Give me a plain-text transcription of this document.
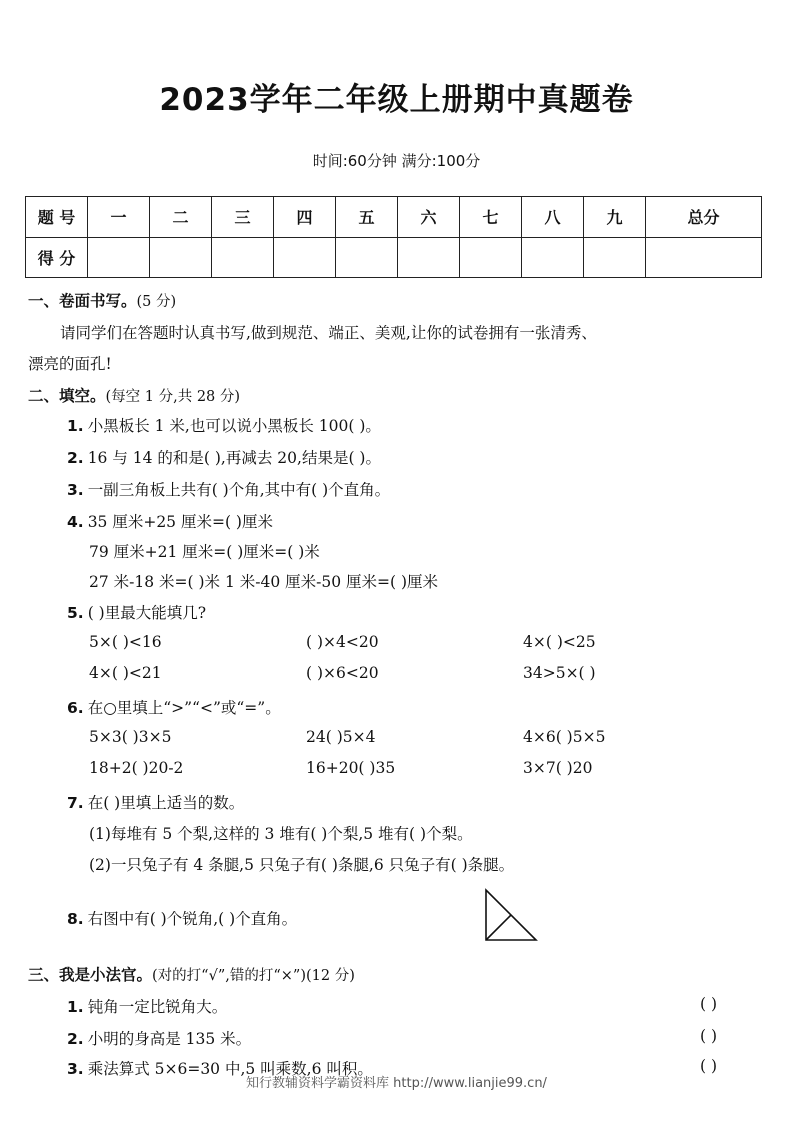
2023学年二年级上册期中真题卷
时间:60分钟 满分:100分
题 号	一	二	三	四	五	六	七	八	九	总分
得 分										
一、卷面书写。(5 分)
请同学们在答题时认真书写,做到规范、端正、美观,让你的试卷拥有一张清秀、
漂亮的面孔!
二、填空。(每空 1 分,共 28 分)
1. 小黑板长 1 米,也可以说小黑板长 100( )。
2. 16 与 14 的和是( ),再减去 20,结果是( )。
3. 一副三角板上共有( )个角,其中有( )个直角。
4. 35 厘米+25 厘米=( )厘米
79 厘米+21 厘米=( )厘米=( )米
27 米-18 米=( )米 1 米-40 厘米-50 厘米=( )厘米
5. ( )里最大能填几?
5×( )<16	( )×4<20	4×( )<25
4×( )<21	( )×6<20	34>5×( )
6. 在○里填上“>”“<”或“=”。
5×3( )3×5	24( )5×4	4×6( )5×5
18+2( )20-2	16+20( )35	3×7( )20
7. 在( )里填上适当的数。
(1)每堆有 5 个梨,这样的 3 堆有( )个梨,5 堆有( )个梨。
(2)一只兔子有 4 条腿,5 只兔子有( )条腿,6 只兔子有( )条腿。
8. 右图中有( )个锐角,( )个直角。
三、我是小法官。(对的打“√”,错的打“×”)(12 分)
1. 钝角一定比锐角大。	( )
2. 小明的身高是 135 米。	( )
3. 乘法算式 5×6=30 中,5 叫乘数,6 叫积。	( )
知行教辅资料学霸资料库 http://www.lianjie99.cn/
